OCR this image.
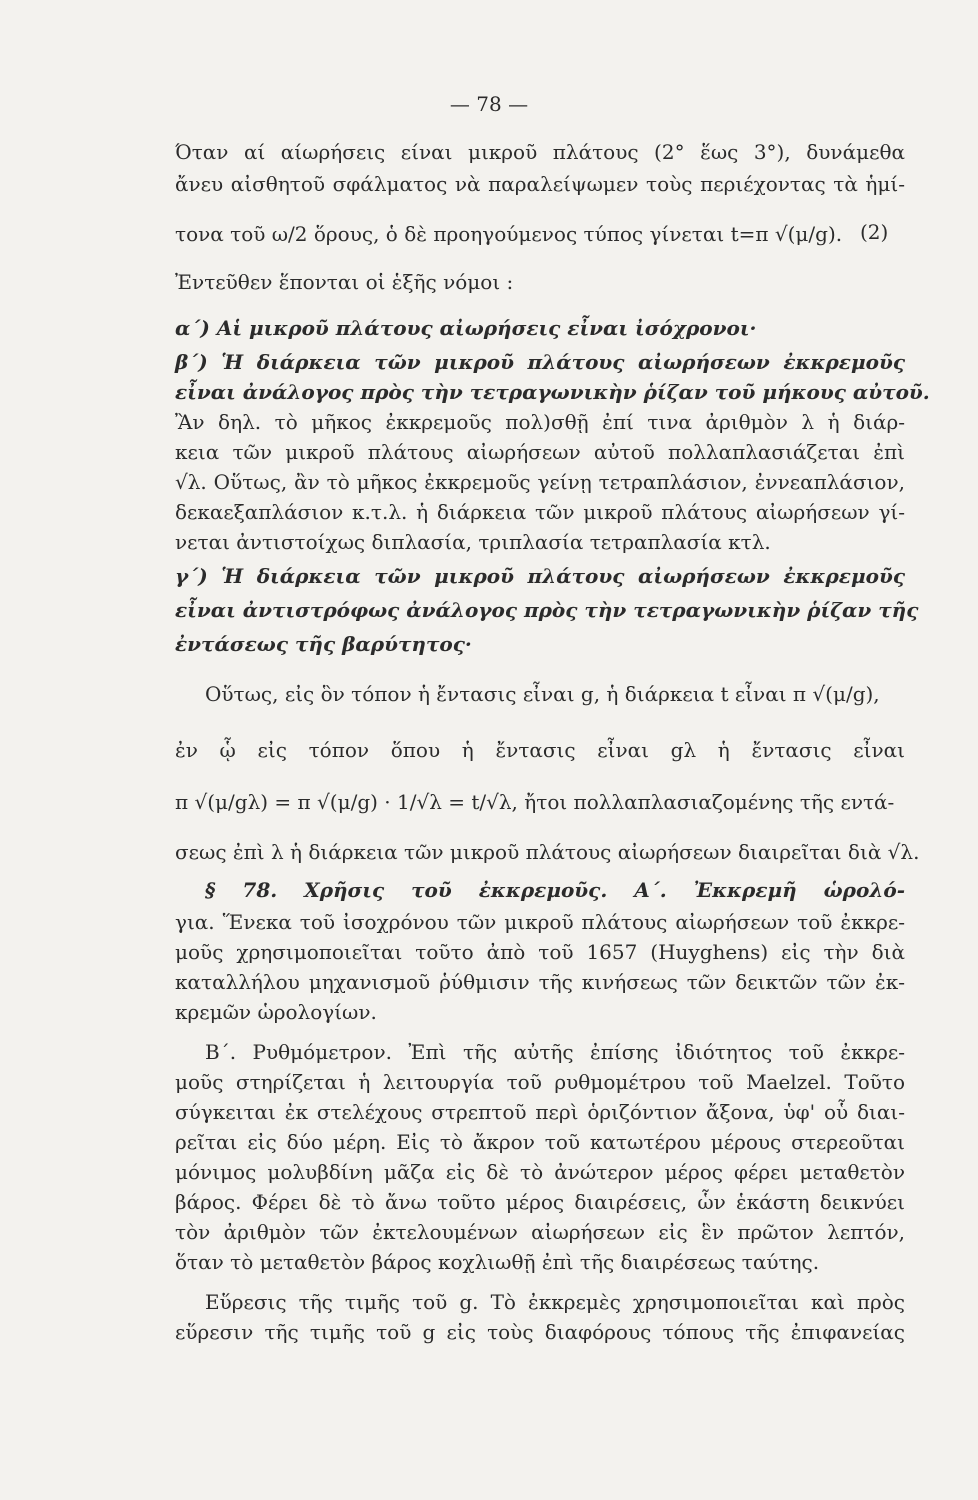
— 78 —
Όταν αί αίωρήσεις είναι μικροῦ πλάτους (2° ἕως 3°), δυνάμεθα
ἄνευ αἰσθητοῦ σφάλματος νὰ παραλείψωμεν τοὺς περιέχοντας τὰ ἡμί-
τονα τοῦ ω/2 ὅρους, ὁ δὲ προηγούμενος τύπος γίνεται t=π √(μ/g). (2)
Ἐντεῦθεν ἕπονται οἱ ἑξῆς νόμοι :
α΄) Αἱ μικροῦ πλάτους αἰωρήσεις εἶναι ἰσόχρονοι·
β΄) Ἡ διάρκεια τῶν μικροῦ πλάτους αἰωρήσεων ἐκκρεμοῦς
εἶναι ἀνάλογος πρὸς τὴν τετραγωνικὴν ῥίζαν τοῦ μήκους αὐτοῦ.
Ἂν δηλ. τὸ μῆκος ἐκκρεμοῦς πολ)σθῇ ἐπί τινα ἀριθμὸν λ ἡ διάρ-
κεια τῶν μικροῦ πλάτους αἰωρήσεων αὐτοῦ πολλαπλασιάζεται ἐπὶ
√λ. Οὕτως, ἂν τὸ μῆκος ἐκκρεμοῦς γείνῃ τετραπλάσιον, ἐννεαπλάσιον,
δεκαεξαπλάσιον κ.τ.λ. ἡ διάρκεια τῶν μικροῦ πλάτους αἰωρήσεων γί-
νεται ἀντιστοίχως διπλασία, τριπλασία τετραπλασία κτλ.
γ΄) Ἡ διάρκεια τῶν μικροῦ πλάτους αἰωρήσεων ἐκκρεμοῦς
εἶναι ἀντιστρόφως ἀνάλογος πρὸς τὴν τετραγωνικὴν ῥίζαν τῆς
ἐντάσεως τῆς βαρύτητος·
Οὕτως, εἰς ὃν τόπον ἡ ἔντασις εἶναι g, ἡ διάρκεια t εἶναι π √(μ/g),
ἐν ᾧ εἰς τόπον ὅπου ἡ ἔντασις εἶναι gλ ἡ ἔντασις εἶναι
π √(μ/gλ) = π √(μ/g) · 1/√λ = t/√λ, ἤτοι πολλαπλασιαζομένης τῆς εντά-
σεως ἐπὶ λ ἡ διάρκεια τῶν μικροῦ πλάτους αἰωρήσεων διαιρεῖται διὰ √λ.
§ 78. Χρῆσις τοῦ ἐκκρεμοῦς. Α΄. Ἐκκρεμῆ ὡρολό-
για. Ἕνεκα τοῦ ἰσοχρόνου τῶν μικροῦ πλάτους αἰωρήσεων τοῦ ἐκκρε-
μοῦς χρησιμοποιεῖται τοῦτο ἀπὸ τοῦ 1657 (Huyghens) εἰς τὴν διὰ
καταλλήλου μηχανισμοῦ ῥύθμισιν τῆς κινήσεως τῶν δεικτῶν τῶν ἐκ-
κρεμῶν ὡρολογίων.
Β΄. Ρυθμόμετρον. Ἐπὶ τῆς αὐτῆς ἐπίσης ἰδιότητος τοῦ ἐκκρε-
μοῦς στηρίζεται ἡ λειτουργία τοῦ ρυθμομέτρου τοῦ Maelzel. Τοῦτο
σύγκειται ἐκ στελέχους στρεπτοῦ περὶ ὁριζόντιον ἄξονα, ὑφ' οὗ διαι-
ρεῖται εἰς δύο μέρη. Εἰς τὸ ἄκρον τοῦ κατωτέρου μέρους στερεοῦται
μόνιμος μολυβδίνη μᾶζα εἰς δὲ τὸ ἀνώτερον μέρος φέρει μεταθετὸν
βάρος. Φέρει δὲ τὸ ἄνω τοῦτο μέρος διαιρέσεις, ὧν ἑκάστη δεικνύει
τὸν ἀριθμὸν τῶν ἐκτελουμένων αἰωρήσεων εἰς ἓν πρῶτον λεπτόν,
ὅταν τὸ μεταθετὸν βάρος κοχλιωθῇ ἐπὶ τῆς διαιρέσεως ταύτης.
Εὕρεσις τῆς τιμῆς τοῦ g. Τὸ ἐκκρεμὲς χρησιμοποιεῖται καὶ πρὸς
εὕρεσιν τῆς τιμῆς τοῦ g εἰς τοὺς διαφόρους τόπους τῆς ἐπιφανείας
